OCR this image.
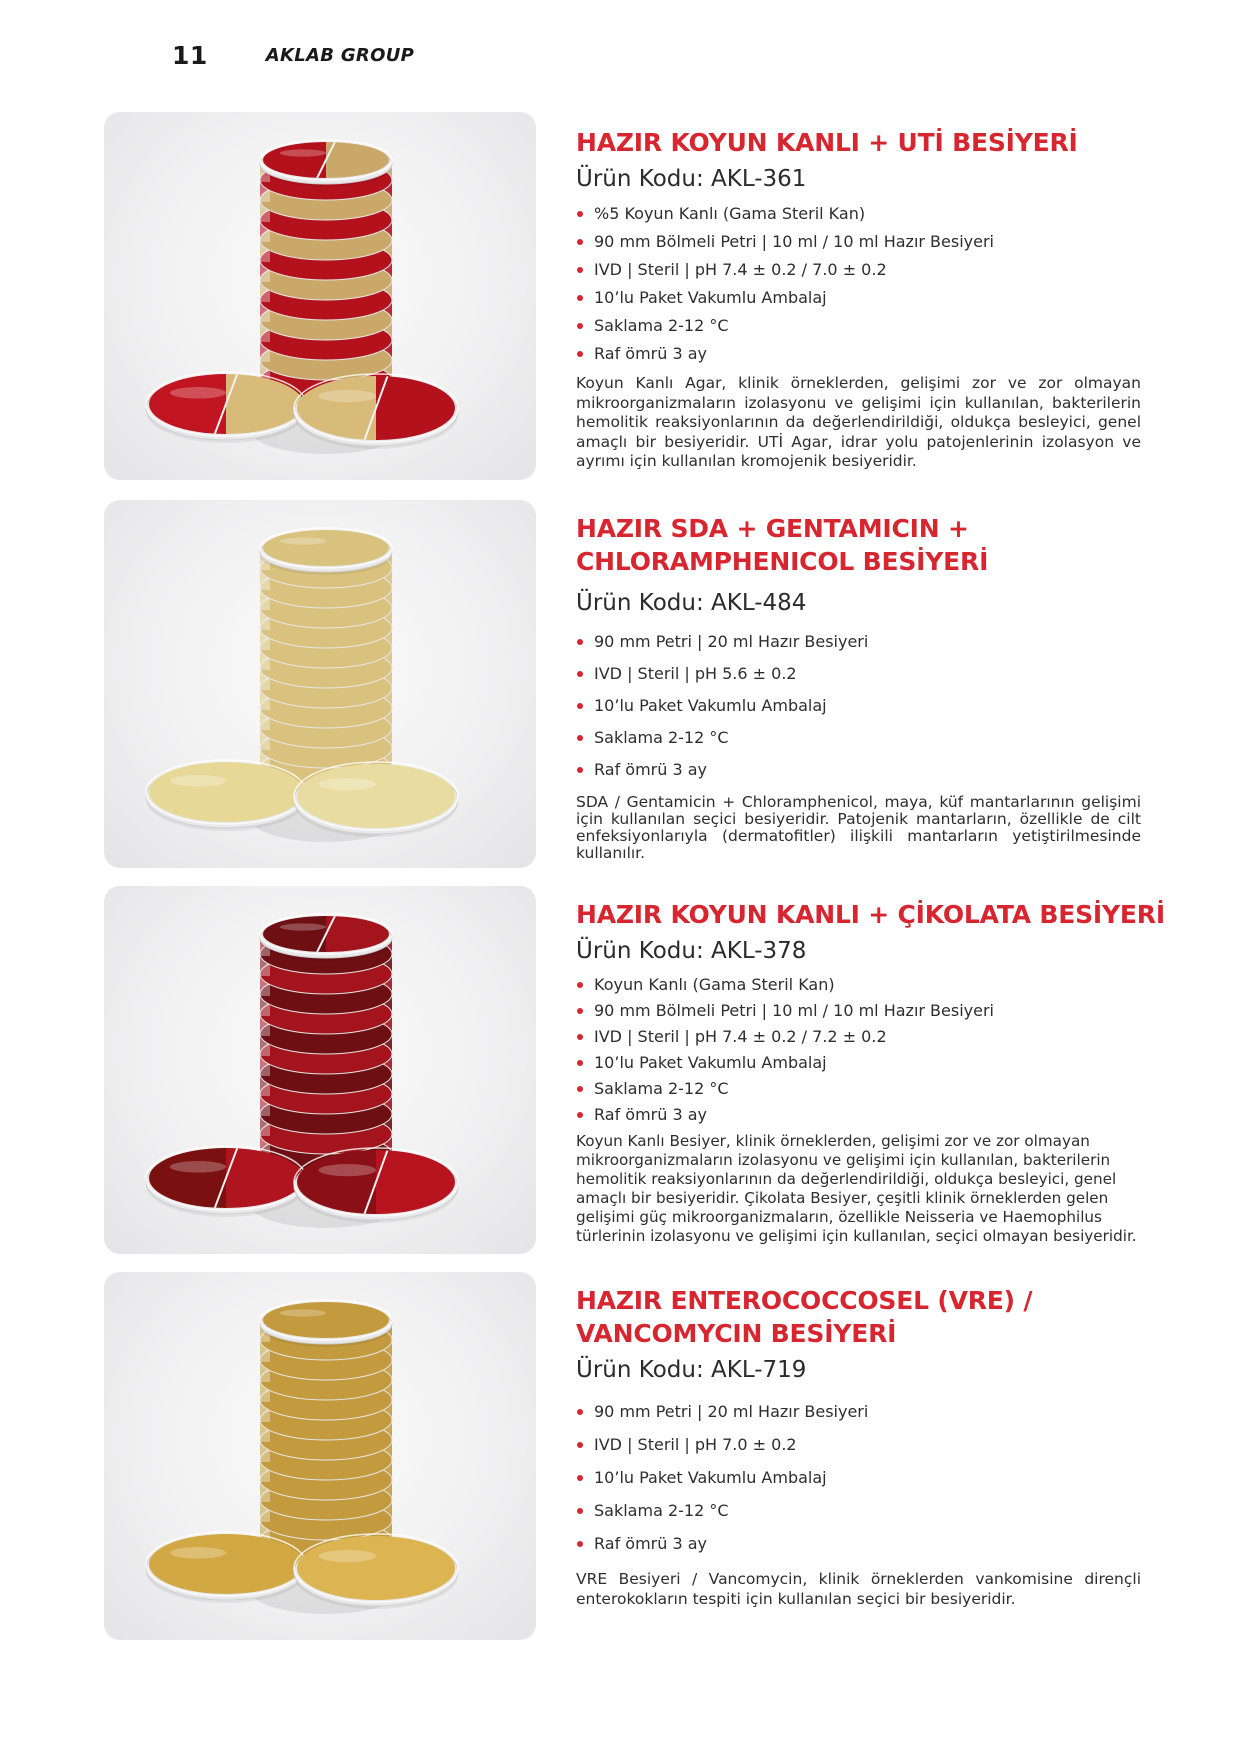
11	AKLAB GROUP
HAZIR KOYUN KANLI + UTİ BESİYERİ
Ürün Kodu: AKL-361
%5 Koyun Kanlı (Gama Steril Kan)
90 mm Bölmeli Petri | 10 ml / 10 ml Hazır Besiyeri
IVD | Steril | pH 7.4 ± 0.2 / 7.0 ± 0.2
10’lu Paket Vakumlu Ambalaj
Saklama 2-12 °C
Raf ömrü 3 ay

Koyun Kanlı Agar, klinik örneklerden, gelişimi zor ve zor olmayan mikroorganizmaların izolasyonu ve gelişimi için kullanılan, bakterilerin hemolitik reaksiyonlarının da değerlendirildiği, oldukça besleyici, genel amaçlı bir besiyeridir. UTİ Agar, idrar yolu patojenlerinin izolasyon ve ayrımı için kullanılan kromojenik besiyeridir.

HAZIR SDA + GENTAMICIN +
CHLORAMPHENICOL BESİYERİ
Ürün Kodu: AKL-484
90 mm Petri | 20 ml Hazır Besiyeri
IVD | Steril | pH 5.6 ± 0.2
10’lu Paket Vakumlu Ambalaj
Saklama 2-12 °C
Raf ömrü 3 ay

SDA / Gentamicin + Chloramphenicol, maya, küf mantarlarının gelişimi için kullanılan seçici besiyeridir. Patojenik mantarların, özellikle de cilt enfeksiyonlarıyla (dermatofitler) ilişkili mantarların yetiştirilmesinde kullanılır.

HAZIR KOYUN KANLI + ÇİKOLATA BESİYERİ
Ürün Kodu: AKL-378
Koyun Kanlı (Gama Steril Kan)
90 mm Bölmeli Petri | 10 ml / 10 ml Hazır Besiyeri
IVD | Steril | pH 7.4 ± 0.2 / 7.2 ± 0.2
10’lu Paket Vakumlu Ambalaj
Saklama 2-12 °C
Raf ömrü 3 ay

Koyun Kanlı Besiyer, klinik örneklerden, gelişimi zor ve zor olmayan mikroorganizmaların izolasyonu ve gelişimi için kullanılan, bakterilerin hemolitik reaksiyonlarının da değerlendirildiği, oldukça besleyici, genel amaçlı bir besiyeridir. Çikolata Besiyer, çeşitli klinik örneklerden gelen gelişimi güç mikroorganizmaların, özellikle Neisseria ve Haemophilus türlerinin izolasyonu ve gelişimi için kullanılan, seçici olmayan besiyeridir.

HAZIR ENTEROCOCCOSEL (VRE) /
VANCOMYCIN BESİYERİ
Ürün Kodu: AKL-719
90 mm Petri | 20 ml Hazır Besiyeri
IVD | Steril | pH 7.0 ± 0.2
10’lu Paket Vakumlu Ambalaj
Saklama 2-12 °C
Raf ömrü 3 ay

VRE Besiyeri / Vancomycin, klinik örneklerden vankomisine dirençli enterokokların tespiti için kullanılan seçici bir besiyeridir.
